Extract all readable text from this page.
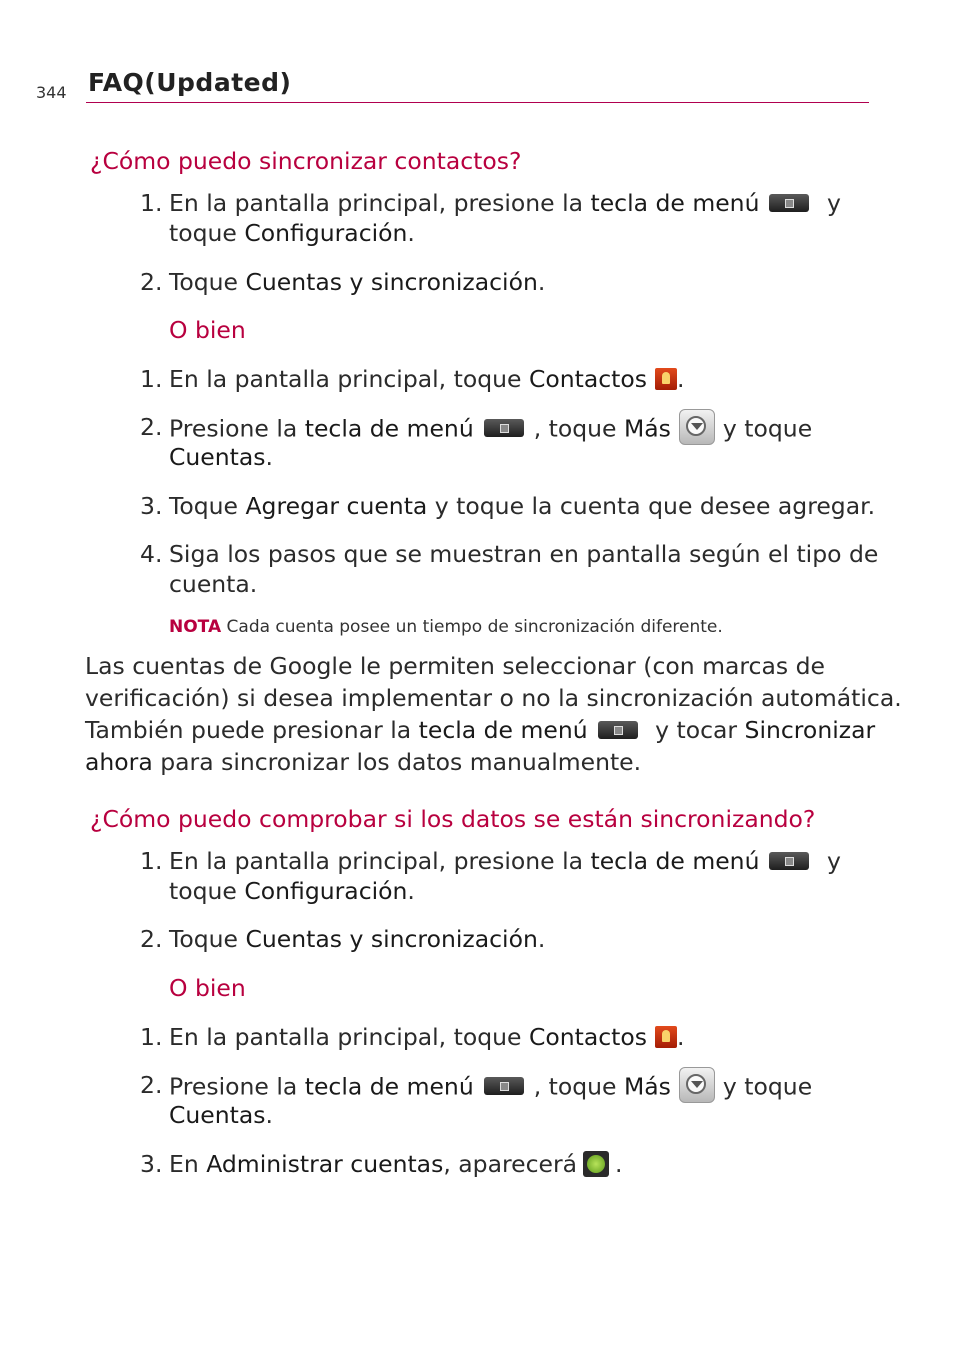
344 FAQ(Updated)
¿Cómo puedo sincronizar contactos?
1. En la pantalla principal, presione la tecla de menú	y
toque Configuración.
2. Toque Cuentas y sincronización.
O bien
1. En la pantalla principal, toque Contactos .
2. Presione la tecla de menú	, toque Más y toque
Cuentas.
3. Toque Agregar cuenta y toque la cuenta que desee agregar.
4. Siga los pasos que se muestran en pantalla según el tipo de
cuenta.
NOTA Cada cuenta posee un tiempo de sincronización diferente.
Las cuentas de Google le permiten seleccionar (con marcas de
verificación) si desea implementar o no la sincronización automática.
También puede presionar la tecla de menú	y tocar Sincronizar
ahora para sincronizar los datos manualmente.
¿Cómo puedo comprobar si los datos se están sincronizando?
1. En la pantalla principal, presione la tecla de menú	y
toque Configuración.
2. Toque Cuentas y sincronización.
O bien
1. En la pantalla principal, toque Contactos .
2. Presione la tecla de menú	, toque Más y toque
Cuentas.
3. En Administrar cuentas, aparecerá .
